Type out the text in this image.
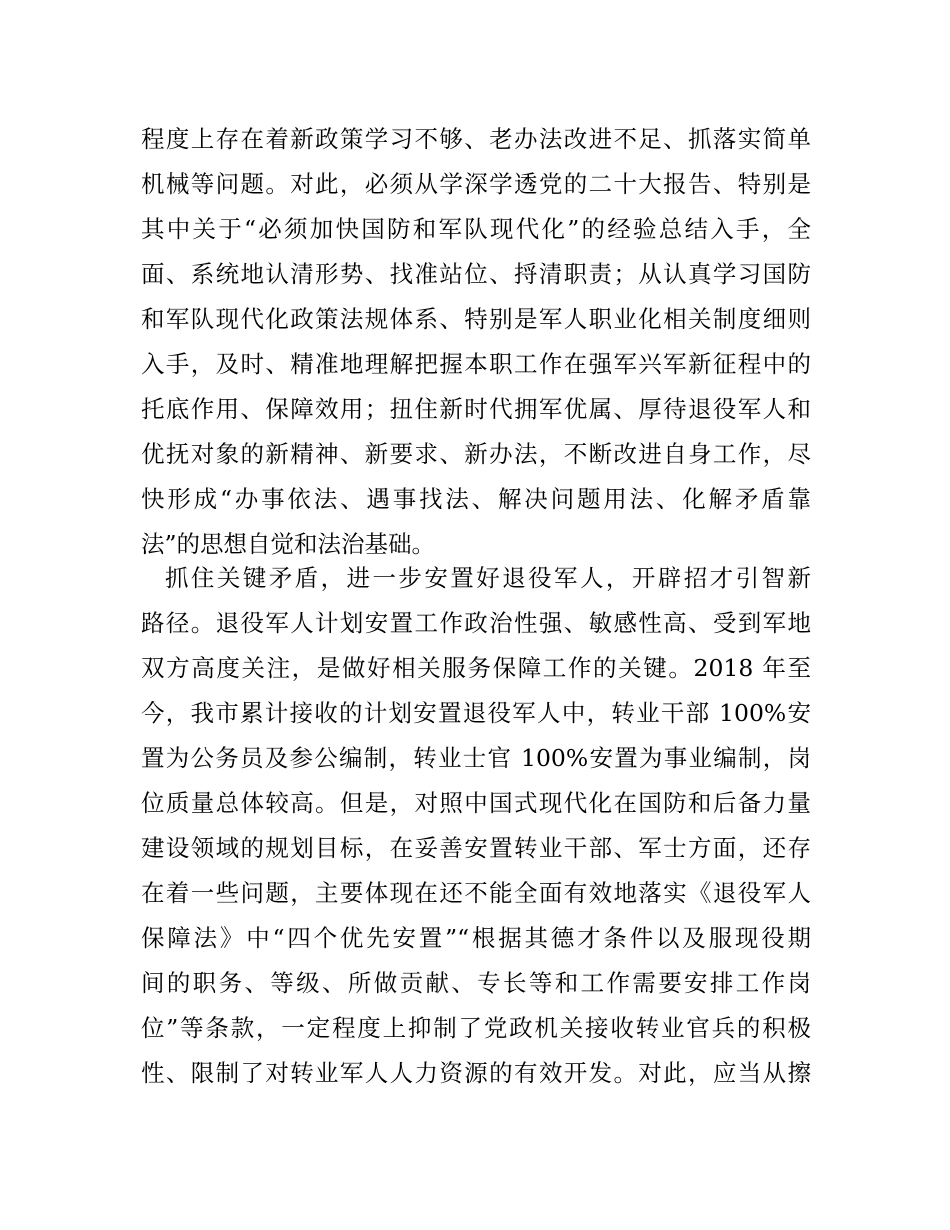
程度上存在着新政策学习不够、老办法改进不足、抓落实简单
机械等问题。对此，必须从学深学透党的二十大报告、特别是
其中关于“必须加快国防和军队现代化”的经验总结入手，全
面、系统地认清形势、找准站位、捋清职责；从认真学习国防
和军队现代化政策法规体系、特别是军人职业化相关制度细则
入手，及时、精准地理解把握本职工作在强军兴军新征程中的
托底作用、保障效用；扭住新时代拥军优属、厚待退役军人和
优抚对象的新精神、新要求、新办法，不断改进自身工作，尽
快形成“办事依法、遇事找法、解决问题用法、化解矛盾靠
法”的思想自觉和法治基础。
抓住关键矛盾，进一步安置好退役军人，开辟招才引智新
路径。退役军人计划安置工作政治性强、敏感性高、受到军地
双方高度关注，是做好相关服务保障工作的关键。2018 年至
今，我市累计接收的计划安置退役军人中，转业干部 100%安
置为公务员及参公编制，转业士官 100%安置为事业编制，岗
位质量总体较高。但是，对照中国式现代化在国防和后备力量
建设领域的规划目标，在妥善安置转业干部、军士方面，还存
在着一些问题，主要体现在还不能全面有效地落实《退役军人
保障法》中“四个优先安置”“根据其德才条件以及服现役期
间的职务、等级、所做贡献、专长等和工作需要安排工作岗
位”等条款，一定程度上抑制了党政机关接收转业官兵的积极
性、限制了对转业军人人力资源的有效开发。对此，应当从擦
